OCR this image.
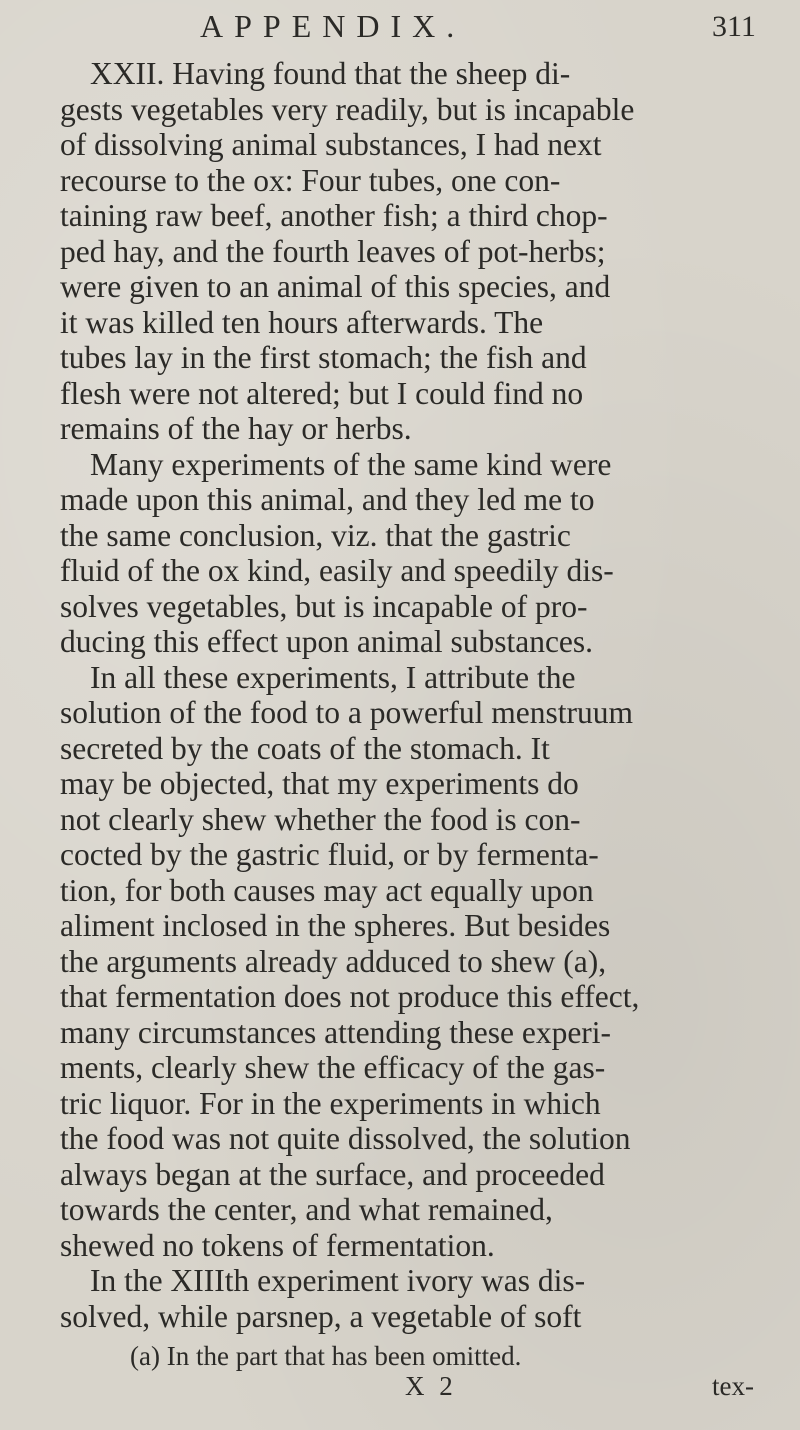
APPENDIX.	311
XXII. Having found that the sheep di-
gests vegetables very readily, but is incapable
of dissolving animal substances, I had next
recourse to the ox: Four tubes, one con-
taining raw beef, another fish; a third chop-
ped hay, and the fourth leaves of pot-herbs;
were given to an animal of this species, and
it was killed ten hours afterwards. The
tubes lay in the first stomach; the fish and
flesh were not altered; but I could find no
remains of the hay or herbs.
Many experiments of the same kind were
made upon this animal, and they led me to
the same conclusion, viz. that the gastric
fluid of the ox kind, easily and speedily dis-
solves vegetables, but is incapable of pro-
ducing this effect upon animal substances.
In all these experiments, I attribute the
solution of the food to a powerful menstruum
secreted by the coats of the stomach. It
may be objected, that my experiments do
not clearly shew whether the food is con-
cocted by the gastric fluid, or by fermenta-
tion, for both causes may act equally upon
aliment inclosed in the spheres. But besides
the arguments already adduced to shew (a),
that fermentation does not produce this effect,
many circumstances attending these experi-
ments, clearly shew the efficacy of the gas-
tric liquor. For in the experiments in which
the food was not quite dissolved, the solution
always began at the surface, and proceeded
towards the center, and what remained,
shewed no tokens of fermentation.
In the XIIIth experiment ivory was dis-
solved, while parsnep, a vegetable of soft
(a) In the part that has been omitted.
X 2	tex-
